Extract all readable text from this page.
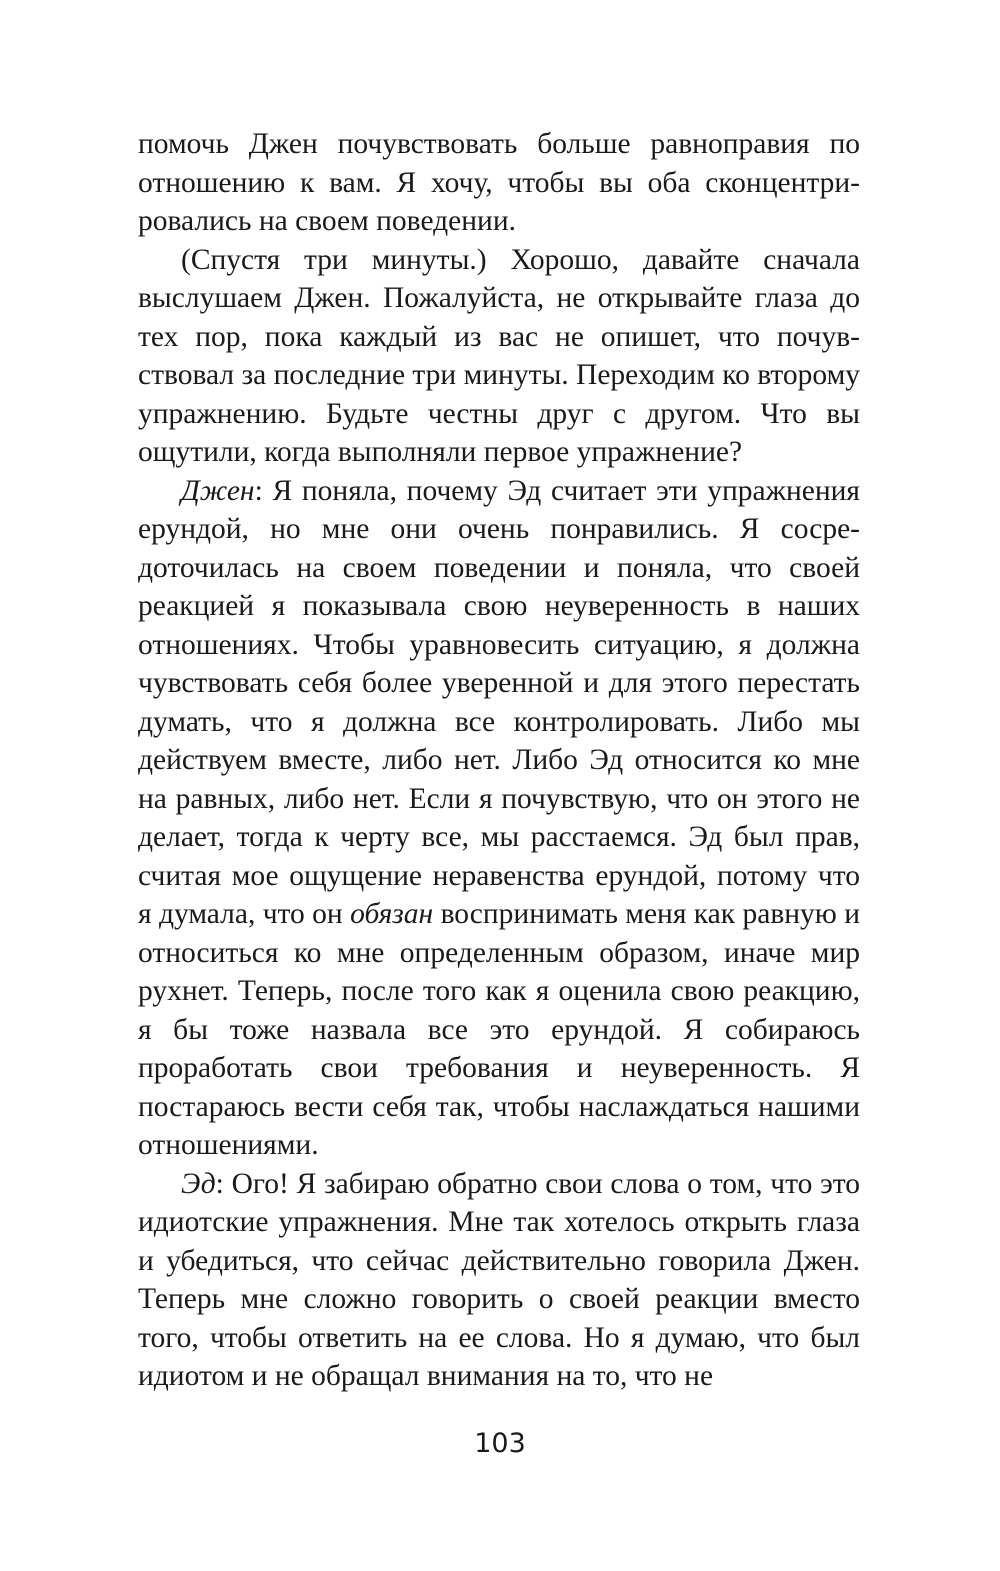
помочь Джен почувствовать больше равноправия по отношению к вам. Я хочу, чтобы вы оба сконцентрировались на своем поведении.

(Спустя три минуты.) Хорошо, давайте сначала выслушаем Джен. Пожалуйста, не открывайте глаза до тех пор, пока каждый из вас не опишет, что почувствовал за последние три минуты. Переходим ко второму упражнению. Будьте честны друг с другом. Что вы ощутили, когда выполняли первое упражнение?

Джен: Я поняла, почему Эд считает эти упражнения ерундой, но мне они очень понравились. Я сосредоточилась на своем поведении и поняла, что своей реакцией я показывала свою неуверенность в наших отношениях. Чтобы уравновесить ситуацию, я должна чувствовать себя более уверенной и для этого перестать думать, что я должна все контролировать. Либо мы действуем вместе, либо нет. Либо Эд относится ко мне на равных, либо нет. Если я почувствую, что он этого не делает, тогда к черту все, мы расстаемся. Эд был прав, считая мое ощущение неравенства ерундой, потому что я думала, что он обязан воспринимать меня как равную и относиться ко мне определенным образом, иначе мир рухнет. Теперь, после того как я оценила свою реакцию, я бы тоже назвала все это ерундой. Я собираюсь проработать свои требования и неуверенность. Я постараюсь вести себя так, чтобы наслаждаться нашими отношениями.

Эд: Ого! Я забираю обратно свои слова о том, что это идиотские упражнения. Мне так хотелось открыть глаза и убедиться, что сейчас действительно говорила Джен. Теперь мне сложно говорить о своей реакции вместо того, чтобы ответить на ее слова. Но я думаю, что был идиотом и не обращал внимания на то, что не

103
